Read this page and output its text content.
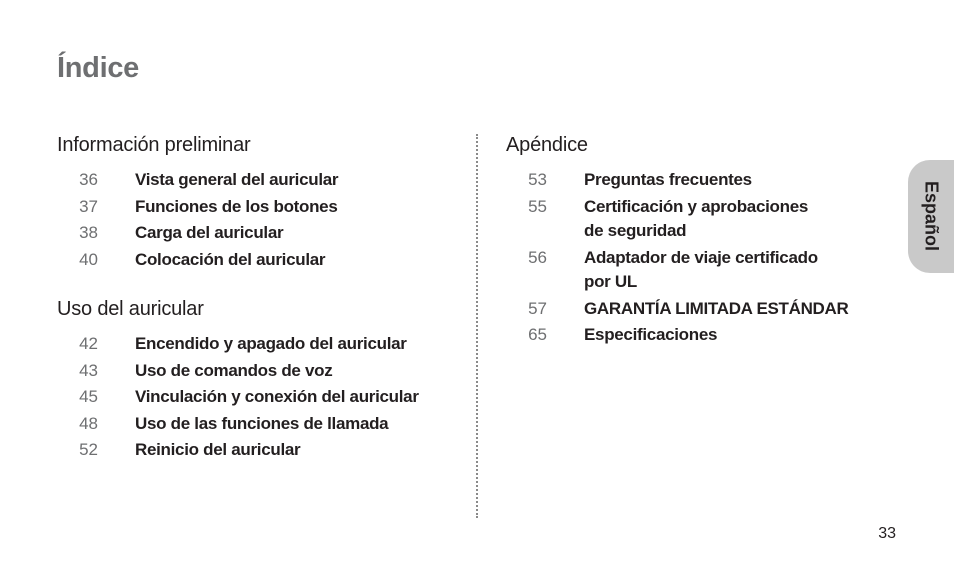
Índice
Información preliminar
36 Vista general del auricular
37 Funciones de los botones
38 Carga del auricular
40 Colocación del auricular
Uso del auricular
42 Encendido y apagado del auricular
43 Uso de comandos de voz
45 Vinculación y conexión del auricular
48 Uso de las funciones de llamada
52 Reinicio del auricular
Apéndice
53 Preguntas frecuentes
55 Certificación y aprobaciones
de seguridad
56 Adaptador de viaje certificado
por UL
57 GARANTÍA LIMITADA ESTÁNDAR
65 Especificaciones
Español
33
